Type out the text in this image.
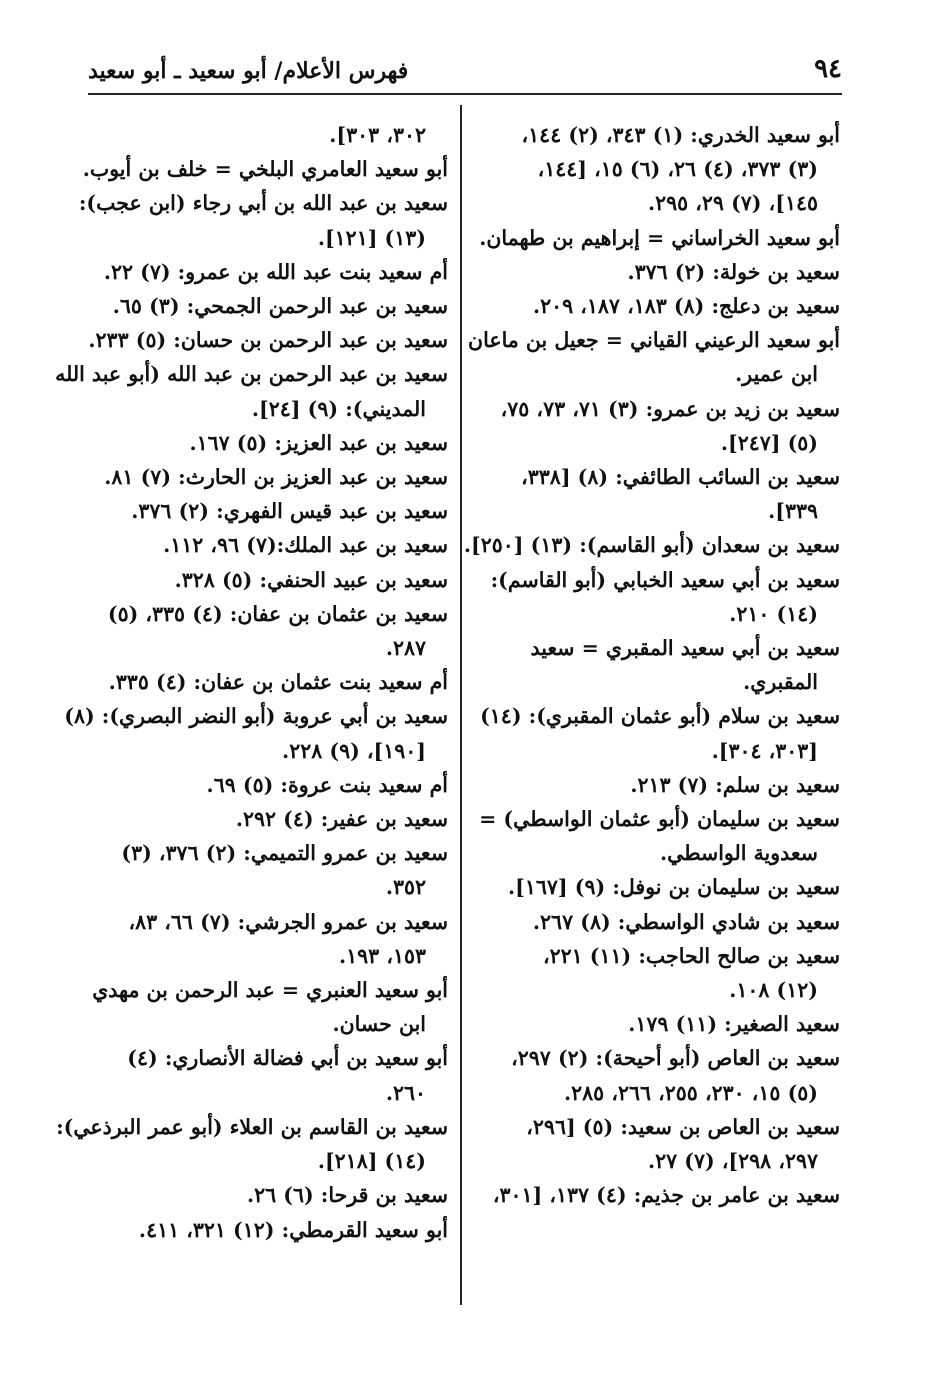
٩٤
فهرس الأعلام/ أبو سعيد ـ أبو سعيد
أبو سعيد الخدري: (١) ٣٤٣، (٢) ١٤٤،
(٣) ٣٧٣، (٤) ٢٦، (٦) ١٥، [١٤٤،
١٤٥]، (٧) ٢٩، ٢٩٥.
أبو سعيد الخراساني = إبراهيم بن طهمان.
سعيد بن خولة: (٢) ٣٧٦.
سعيد بن دعلج: (٨) ١٨٣، ١٨٧، ٢٠٩.
أبو سعيد الرعيني القياني = جعيل بن ماعان
ابن عمير.
سعيد بن زيد بن عمرو: (٣) ٧١، ٧٣، ٧٥،
(٥) [٢٤٧].
سعيد بن السائب الطائفي: (٨) [٣٣٨،
٣٣٩].
سعيد بن سعدان (أبو القاسم): (١٣) [٢٥٠].
سعيد بن أبي سعيد الخبابي (أبو القاسم):
(١٤) ٢١٠.
سعيد بن أبي سعيد المقبري = سعيد
المقبري.
سعيد بن سلام (أبو عثمان المقبري): (١٤)
[٣٠٣، ٣٠٤].
سعيد بن سلم: (٧) ٢١٣.
سعيد بن سليمان (أبو عثمان الواسطي) =
سعدوية الواسطي.
سعيد بن سليمان بن نوفل: (٩) [١٦٧].
سعيد بن شادي الواسطي: (٨) ٢٦٧.
سعيد بن صالح الحاجب: (١١) ٢٢١،
(١٢) ١٠٨.
سعيد الصغير: (١١) ١٧٩.
سعيد بن العاص (أبو أحيحة): (٢) ٢٩٧،
(٥) ١٥، ٢٣٠، ٢٥٥، ٢٦٦، ٢٨٥.
سعيد بن العاص بن سعيد: (٥) [٢٩٦،
٢٩٧، ٢٩٨]، (٧) ٢٧.
سعيد بن عامر بن جذيم: (٤) ١٣٧، [٣٠١،
٣٠٢، ٣٠٣].
أبو سعيد العامري البلخي = خلف بن أيوب.
سعيد بن عبد الله بن أبي رجاء (ابن عجب):
(١٣) [١٢١].
أم سعيد بنت عبد الله بن عمرو: (٧) ٢٢.
سعيد بن عبد الرحمن الجمحي: (٣) ٦٥.
سعيد بن عبد الرحمن بن حسان: (٥) ٢٣٣.
سعيد بن عبد الرحمن بن عبد الله (أبو عبد الله
المديني): (٩) [٢٤].
سعيد بن عبد العزيز: (٥) ١٦٧.
سعيد بن عبد العزيز بن الحارث: (٧) ٨١.
سعيد بن عبد قيس الفهري: (٢) ٣٧٦.
سعيد بن عبد الملك:(٧) ٩٦، ١١٢.
سعيد بن عبيد الحنفي: (٥) ٣٢٨.
سعيد بن عثمان بن عفان: (٤) ٣٣٥، (٥)
٢٨٧.
أم سعيد بنت عثمان بن عفان: (٤) ٣٣٥.
سعيد بن أبي عروبة (أبو النضر البصري): (٨)
[١٩٠]، (٩) ٢٢٨.
أم سعيد بنت عروة: (٥) ٦٩.
سعيد بن عفير: (٤) ٢٩٢.
سعيد بن عمرو التميمي: (٢) ٣٧٦، (٣)
٣٥٢.
سعيد بن عمرو الجرشي: (٧) ٦٦، ٨٣،
١٥٣، ١٩٣.
أبو سعيد العنبري = عبد الرحمن بن مهدي
ابن حسان.
أبو سعيد بن أبي فضالة الأنصاري: (٤)
٢٦٠.
سعيد بن القاسم بن العلاء (أبو عمر البرذعي):
(١٤) [٢١٨].
سعيد بن قرحا: (٦) ٢٦.
أبو سعيد القرمطي: (١٢) ٣٢١، ٤١١.
